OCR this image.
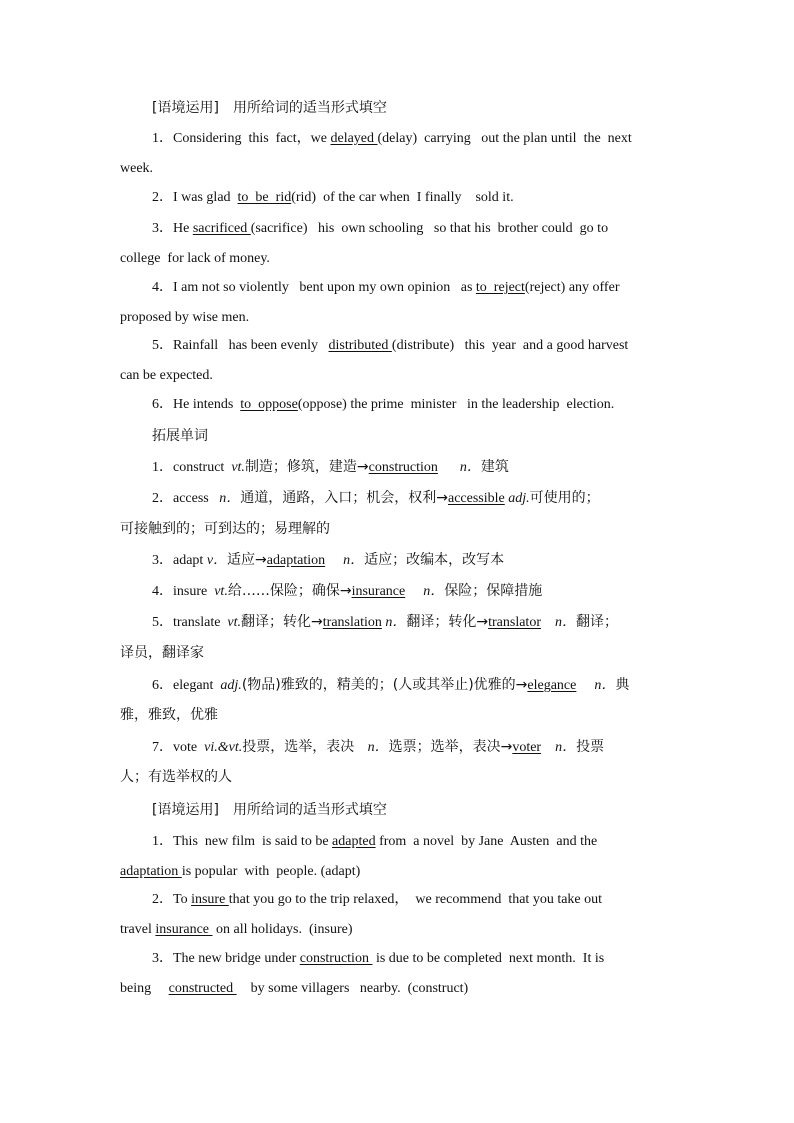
[语境运用] 用所给词的适当形式填空
1．Considering  this  fact，we delayed (delay)  carrying   out the plan until  the  next
week.
2．I was glad  to  be  rid(rid)  of the car when  I finally    sold it.
3．He sacrificed (sacrifice)   his  own schooling   so that his  brother could  go to
college  for lack of money.
4．I am not so violently   bent upon my own opinion   as to  reject(reject) any offer
proposed by wise men.
5．Rainfall   has been evenly   distributed (distribute)   this  year  and a good harvest
can be expected.
6．He intends  to  oppose(oppose) the prime  minister   in the leadership  election.
拓展单词
1．construct  vt.制造；修筑，建造→construction n．建筑
2．access   n．通道，通路，入口；机会，权利→accessible adj.可使用的；
可接触到的；可到达的；易理解的
3．adapt v．适应→adaptation n．适应；改编本，改写本
4．insure  vt.给……保险；确保→insurance n．保险；保障措施
5．translate  vt.翻译；转化→translation n．翻译；转化→translator n．翻译；
译员，翻译家
6．elegant  adj.(物品)雅致的，精美的；(人或其举止)优雅的→elegance n．典
雅，雅致，优雅
7．vote  vi.&vt.投票，选举，表决   n．选票；选举，表决→voter n．投票
人；有选举权的人
[语境运用] 用所给词的适当形式填空
1．This  new film  is said to be adapted from  a novel  by Jane  Austen  and the
adaptation is popular  with  people. (adapt)
2．To insure that you go to the trip relaxed，  we recommend  that you take out
travel insurance  on all holidays.  (insure)
3．The new bridge under construction  is due to be completed  next month.  It is
being     constructed     by some villagers   nearby.  (construct)
